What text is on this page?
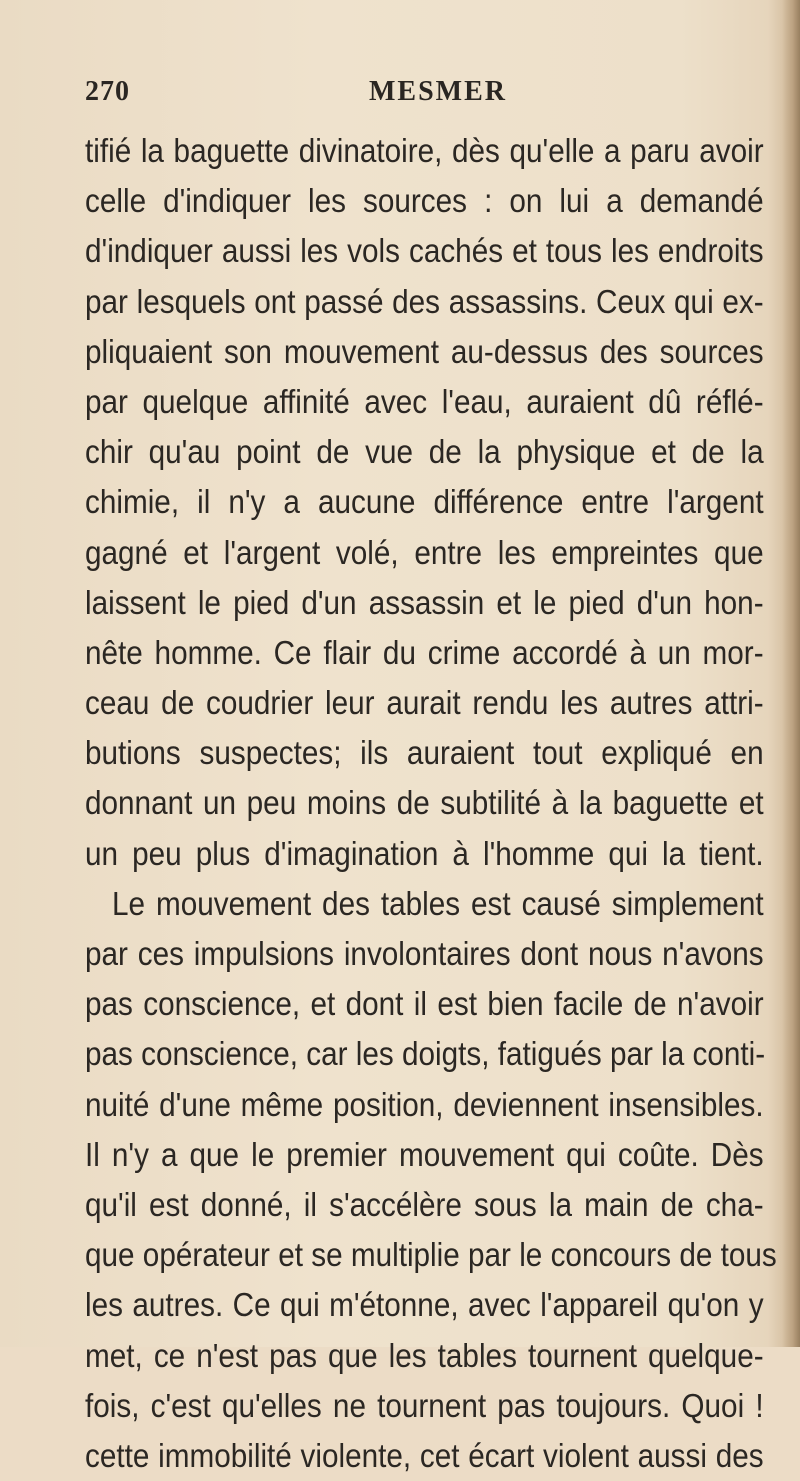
270	MESMER
tifié la baguette divinatoire, dès qu'elle a paru avoir
celle d'indiquer les sources : on lui a demandé
d'indiquer aussi les vols cachés et tous les endroits
par lesquels ont passé des assassins. Ceux qui ex-
pliquaient son mouvement au-dessus des sources
par quelque affinité avec l'eau, auraient dû réflé-
chir qu'au point de vue de la physique et de la
chimie, il n'y a aucune différence entre l'argent
gagné et l'argent volé, entre les empreintes que
laissent le pied d'un assassin et le pied d'un hon-
nête homme. Ce flair du crime accordé à un mor-
ceau de coudrier leur aurait rendu les autres attri-
butions suspectes; ils auraient tout expliqué en
donnant un peu moins de subtilité à la baguette et
un peu plus d'imagination à l'homme qui la tient.
Le mouvement des tables est causé simplement
par ces impulsions involontaires dont nous n'avons
pas conscience, et dont il est bien facile de n'avoir
pas conscience, car les doigts, fatigués par la conti-
nuité d'une même position, deviennent insensibles.
Il n'y a que le premier mouvement qui coûte. Dès
qu'il est donné, il s'accélère sous la main de cha-
que opérateur et se multiplie par le concours de tous
les autres. Ce qui m'étonne, avec l'appareil qu'on y
met, ce n'est pas que les tables tournent quelque-
fois, c'est qu'elles ne tournent pas toujours. Quoi !
cette immobilité violente, cet écart violent aussi des
